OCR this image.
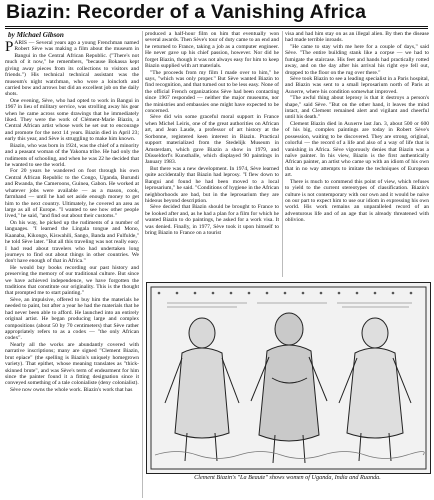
Biazin: Recorder of a Vanishing Africa
by Michael Gibson

PARIS — Several years ago a young Frenchman named Robert Sève was making a film about the museum in Bangui in the Central African Republic. ("There's not much of it now," he remembers, "because Bokassa kept giving away pieces from its collections to visitors and friends.") His technical technical assistant was the museum's night watchman, who wore a loincloth and carried bow and arrows but did an excellent job on the daily shots.

One evening, Sève, who had opted to work in Bangui in 1967 in lieu of military service, was strolling away his gear when he came across some drawings that he immediately liked. They were the work of Clément-Marie Biazin, a Central African artist whose work he set out to encourage and promote for the next 14 years. Biazin died in April 23; early this year, and Sève is struggling to make him known.

Biazin, who was born in 1924, was the chief of a minority and a peasant woman of the Yakoma tribe. He had only the rudiments of schooling, and when he was 22 he decided that he wanted to see the world.

For 20 years he wandered on foot through his own Central African Republic to the Congo, Uganda, Burundi and Rwanda, the Cameroons, Guinea, Gabon. He worked at whatever jobs were available — as a mason, cook, farmhand — until he had set aside enough money to get him to the next country. Ultimately, he covered an area as large as all of Europe. "I wanted to see how other people lived," he said, "and find out about their customs."

On his way, he picked up the rudiments of a number of languages. "I learned the Lingala tongue and Mono, Kaanaba, Kikongo, Kiswahili, Sango, Banda and Fulfulde," he told Sève later. "But all this traveling was not really easy. I had read about travelers who had undertaken long journeys to find out about things in other countries. We don't have enough of that in Africa."

He would buy books recording our past history and preserving the memory of our traditional culture. But since we have achieved independence, we have forgotten the traditions that constitute our originality. This is the thought that prompted me to start painting."

Sève, an impulsive, offered to buy him the materials he needed to paint, but after a year he had the materials that he had never been able to afford. He launched into an entirely original artist. He began producing large and complex compositions (about 50 by 70 centimeters) that Sève rather appropriately refers to as a codex — "the only African codex".

Nearly all the works are abundantly covered with narrative inscriptions; many are signed "Clement Biazin, brut epiace" (the spelling is Biazin's uniquely homegrown variety). That epithet, whose meaning translates as "thick-skinned brute", and was Sève's term of endearment for him since the painter found it a fitting designation since it conveyed something of a tale colonialiste (deny colonialist).

Sève now owns the whole work. Biazin's work that has

produced a half-hour film on him that eventually won several awards. Then Sève's tour of duty came to an end and he returned to France, taking a job as a computer engineer. He never gave up his chief passion, however. Nor did he forget Biazin, though it was not always easy for him to keep Biazin supplied with art materials.

"The proceeds from my film I made over to him," he says, "which was only proper." But Sève wanted Biazin to find recognition, and that turned out to be less easy. None of the official French organizations Sève had been contacting since 1967 responded — neither the major museums, nor the ministries and embassies one might have expected to be concerned.

Sève did win some graceful moral support in France when Michel Leiris, one of the great authorities on African art, and Jean Laude, a professor of art history at the Sorbonne, registered keen interest in Biazin. Practical support materialized from the Stedelijk Museum in Amsterdam, which gave Biazin a show in 1979, and Düsseldorf's Kunsthalle, which displayed 90 paintings in January 1983.

But there was a new development. In 1974, Sève learned quite accidentally that Biazin had leprosy. "I flew down to Bangui and found he had been moved to a local leprosarium," he said. "Conditions of hygiene in the African neighborhoods are bad, but in the leprosarium they are hideous beyond description.

Sève decided that Biazin should be brought to France to be looked after and, as he had a plan for a film for which he wanted Biazin to do paintings, he asked for a work visa. It was denied. Finally, in 1977, Sève took it upon himself to bring Biazin to France on a tourist

visa and had him stay on as an illegal alien. By then the disease had made terrible inroads.

"He came to stay with me here for a couple of days," said Sève. "The entire building stank like a corpse — we had to fumigate the staircase. His feet and hands had practically rotted away, and on the day after his arrival his right eye fell out, dropped to the floor on the rug over there."

Sève took Biazin to see a leading specialist in a Paris hospital, and Biazin was sent to a small leprosarium north of Paris at Auxerre, where his condition somewhat improved.

"The awful thing about leprosy is that it destroys a person's shape," said Sève. "But on the other hand, it leaves the mind intact, and Clement remained alert and vigilant and cheerful until his death."

Clement Biazin died in Auxerre last Jan. 3, about 500 or 600 of his big, complex paintings are today in Robert Sève's possession, waiting to be discovered. They are strong, original, colorful — the record of a life and also of a way of life that is vanishing in Africa. Sève vigorously denies that Biazin was a naïve painter. In his view, Biazin is the first authentically African painter, an artist who came up with an idiom of his own that in no way attempts to imitate the techniques of European art.

There is much to commend this point of view, which refuses to yield to the current stereotypes of classification. Biazin's culture is not contemporary with our own and it would be naive on our part to expect him to use our idiom in expressing his own world. His work remains an unparalleled record of an adventurous life and of an age that is already threatened with oblivion.

Clement Biazin's "La Beaute" shows women of Uganda, India and Ruanda.
